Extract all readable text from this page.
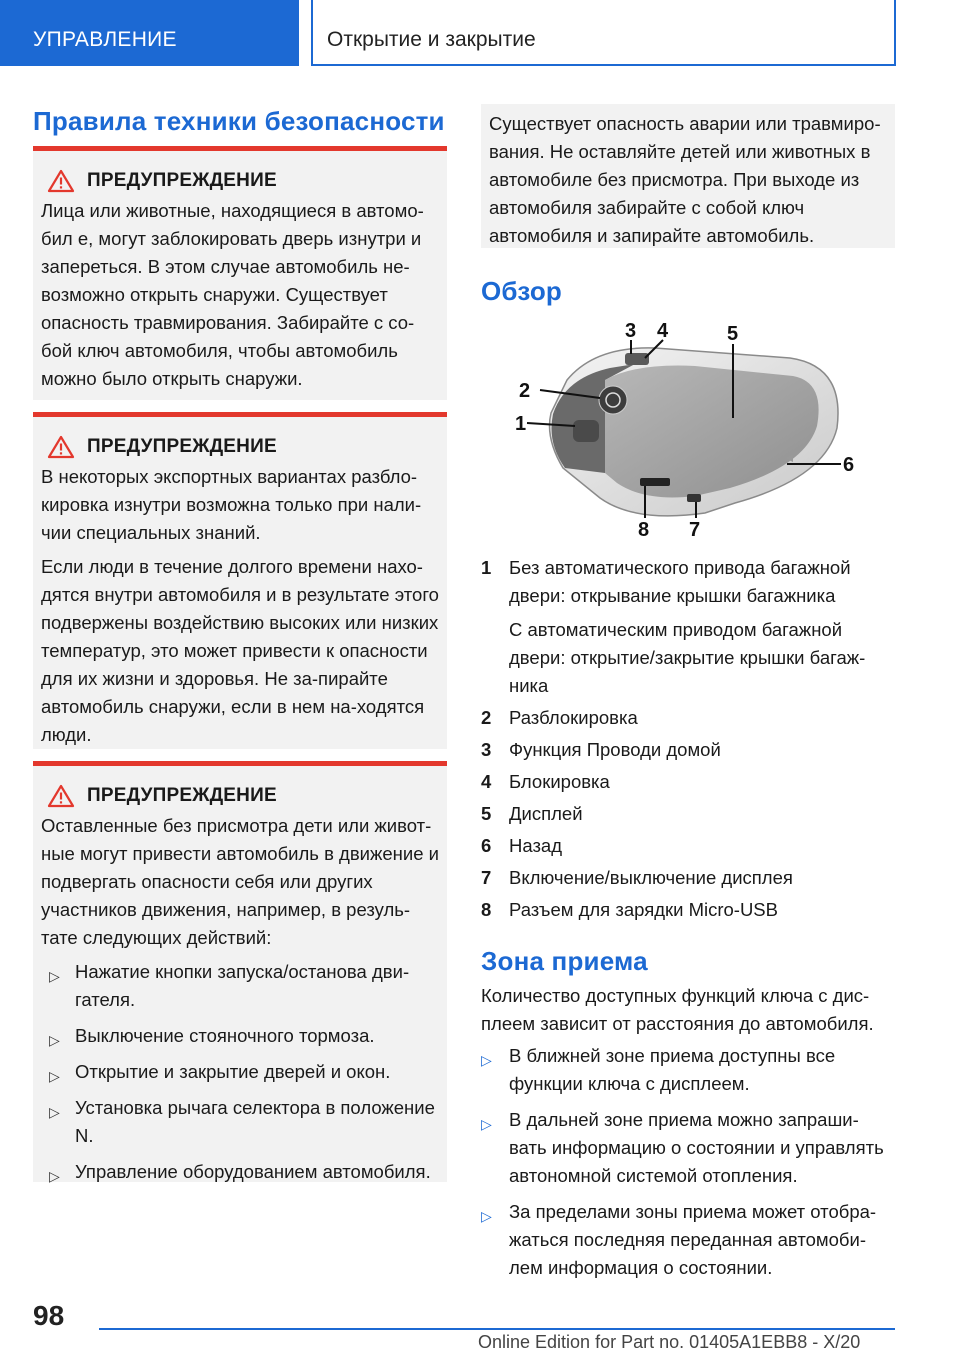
УПРАВЛЕНИЕ	Открытие и закрытие
Правила техники безопасности
ПРЕДУПРЕЖДЕНИЕ

Лица или животные, находящиеся в автомо-бил е, могут заблокировать дверь изнутри и запереться. В этом случае автомобиль не-возможно открыть снаружи. Существует опасность травмирования. Забирайте с со-бой ключ автомобиля, чтобы автомобиль можно было открыть снаружи.

ПРЕДУПРЕЖДЕНИЕ

В некоторых экспортных вариантах разбло-кировка изнутри возможна только при нали-чии специальных знаний.

Если люди в течение долгого времени нахо-дятся внутри автомобиля и в результате этого подвержены воздействию высоких или низких температур, это может привести к опасности для их жизни и здоровья. Не за-пирайте автомобиль снаружи, если в нем на-ходятся люди.

ПРЕДУПРЕЖДЕНИЕ

Оставленные без присмотра дети или живот-ные могут привести автомобиль в движение и подвергать опасности себя или других участников движения, например, в резуль-тате следующих действий:

▷ Нажатие кнопки запуска/останова дви-гателя.
▷ Выключение стояночного тормоза.
▷ Открытие и закрытие дверей и окон.
▷ Установка рычага селектора в положение N.
▷ Управление оборудованием автомобиля.

Существует опасность аварии или травмиро-вания. Не оставляйте детей или животных в автомобиле без присмотра. При выходе из автомобиля забирайте с собой ключ автомобиля и запирайте автомобиль.

Обзор
1
2
3 4	5
6
7
8
1 Без автоматического привода багажной двери: открывание крышки багажника
С автоматическим приводом багажной двери: открытие/закрытие крышки багаж-ника
2 Разблокировка
3 Функция Проводи домой
4 Блокировка
5 Дисплей
6 Назад
7 Включение/выключение дисплея
8 Разъем для зарядки Micro-USB
Зона приема

Количество доступных функций ключа с дис-плеем зависит от расстояния до автомобиля.

▷ В ближней зоне приема доступны все функции ключа с дисплеем.
▷ В дальней зоне приема можно запраши-вать информацию о состоянии и управлять автономной системой отопления.
▷ За пределами зоны приема может отобра-жаться последняя переданная автомоби-лем информация о состоянии.
98
Online Edition for Part no. 01405A1EBB8 - X/20
